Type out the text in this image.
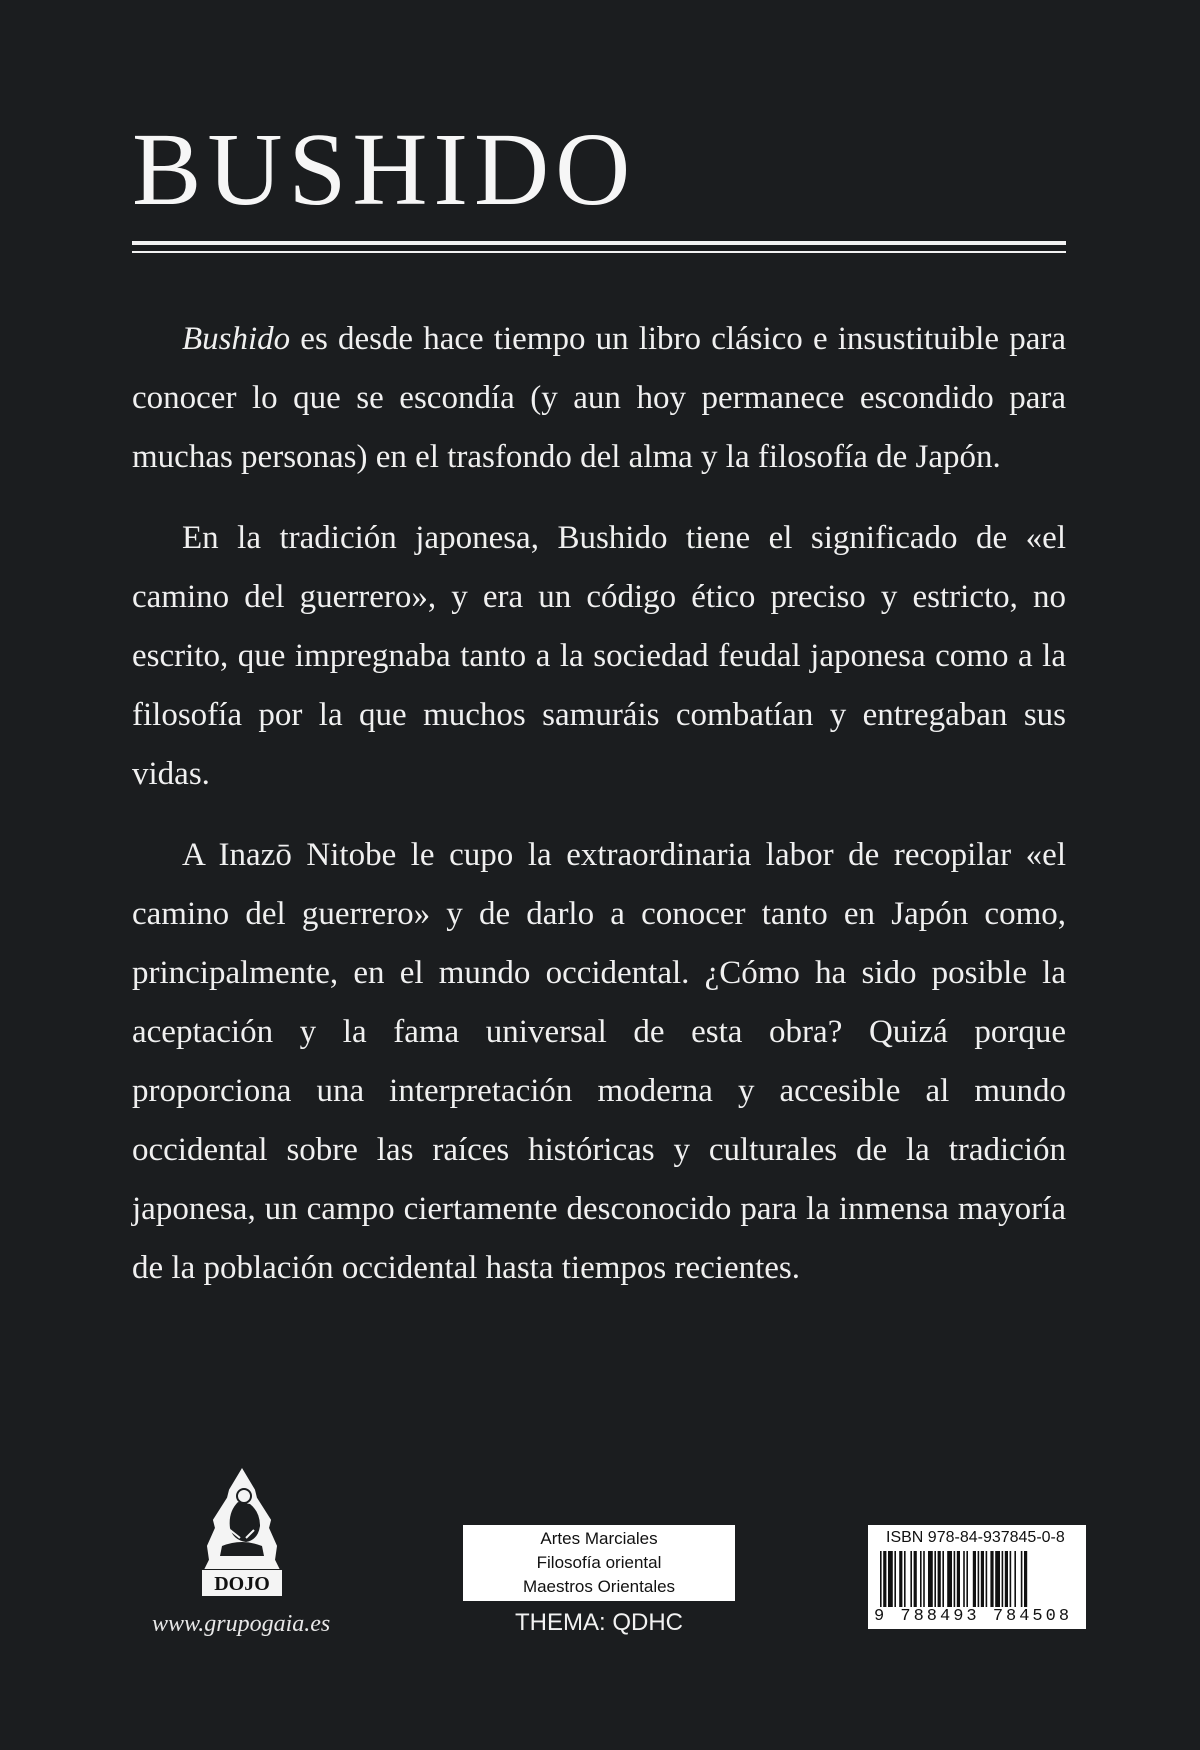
BUSHIDO

Bushido es desde hace tiempo un libro clásico e insustituible para conocer lo que se escondía (y aun hoy permanece escondido para muchas personas) en el trasfondo del alma y la filosofía de Japón.

En la tradición japonesa, Bushido tiene el significado de «el camino del guerrero», y era un código ético preciso y estricto, no escrito, que impregnaba tanto a la sociedad feudal japonesa como a la filosofía por la que muchos samuráis combatían y entregaban sus vidas.

A Inazō Nitobe le cupo la extraordinaria labor de recopilar «el camino del guerrero» y de darlo a conocer tanto en Japón como, principalmente, en el mundo occidental. ¿Cómo ha sido posible la aceptación y la fama universal de esta obra? Quizá porque proporciona una interpretación moderna y accesible al mundo occidental sobre las raíces históricas y culturales de la tradición japonesa, un campo ciertamente desconocido para la inmensa mayoría de la población occidental hasta tiempos recientes.

DOJO
www.grupogaia.es
Artes Marciales
Filosofía oriental
Maestros Orientales
THEMA: QDHC
ISBN 978-84-937845-0-8
9 788493 784508
